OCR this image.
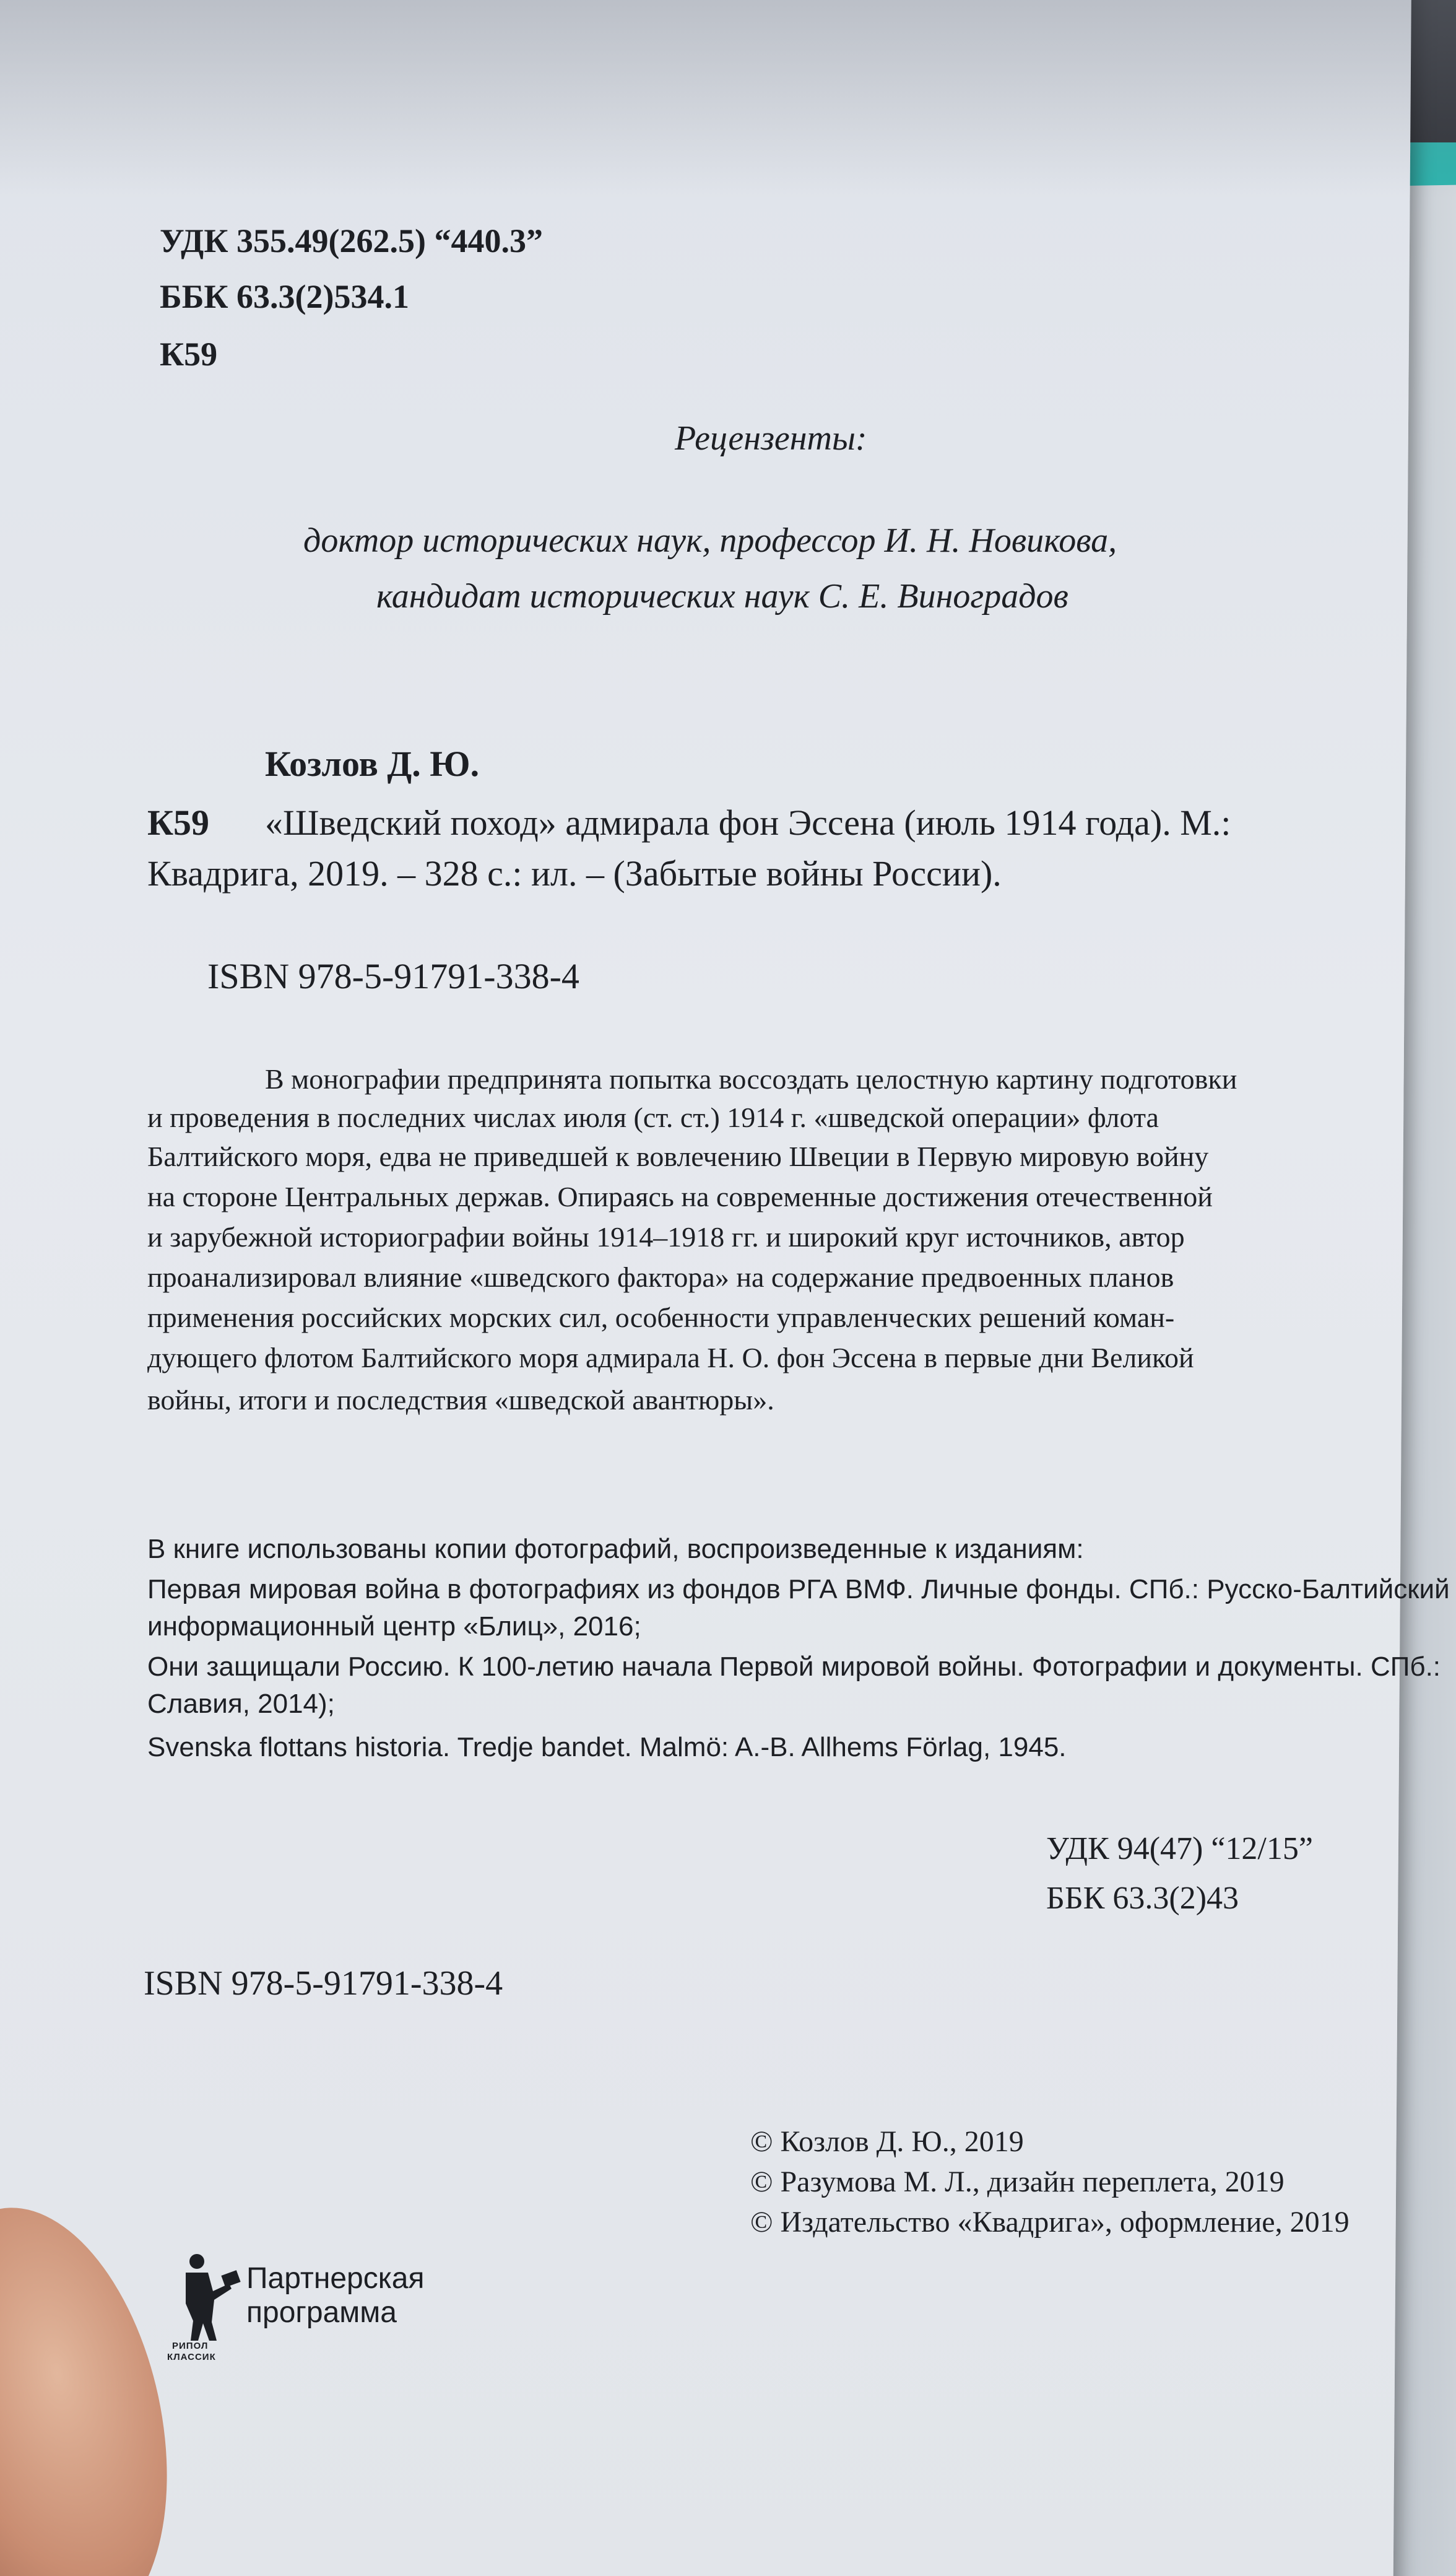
УДК 355.49(262.5) “440.3”
ББК 63.3(2)534.1
К59
Рецензенты:
доктор исторических наук, профессор И. Н. Новикова,
кандидат исторических наук С. Е. Виноградов
Козлов Д. Ю.
К59 «Шведский поход» адмирала фон Эссена (июль 1914 года). М.:
Квадрига, 2019. – 328 с.: ил. – (Забытые войны России).
ISBN 978-5-91791-338-4
В монографии предпринята попытка воссоздать целостную картину подготовки
и проведения в последних числах июля (ст. ст.) 1914 г. «шведской операции» флота
Балтийского моря, едва не приведшей к вовлечению Швеции в Первую мировую войну
на стороне Центральных держав. Опираясь на современные достижения отечественной
и зарубежной историографии войны 1914–1918 гг. и широкий круг источников, автор
проанализировал влияние «шведского фактора» на содержание предвоенных планов
применения российских морских сил, особенности управленческих решений коман-
дующего флотом Балтийского моря адмирала Н. О. фон Эссена в первые дни Великой
войны, итоги и последствия «шведской авантюры».
В книге использованы копии фотографий, воспроизведенные к изданиям:
Первая мировая война в фотографиях из фондов РГА ВМФ. Личные фонды. СПб.: Русско-Балтийский
информационный центр «Блиц», 2016;
Они защищали Россию. К 100-летию начала Первой мировой войны. Фотографии и документы. СПб.:
Славия, 2014);
Svenska flottans historia. Tredje bandet. Malmö: A.-B. Allhems Förlag, 1945.
УДК 94(47) “12/15”
ББК 63.3(2)43
ISBN 978-5-91791-338-4
© Козлов Д. Ю., 2019
© Разумова М. Л., дизайн переплета, 2019
© Издательство «Квадрига», оформление, 2019
РИПОЛ
КЛАССИК
Партнерская
программа
